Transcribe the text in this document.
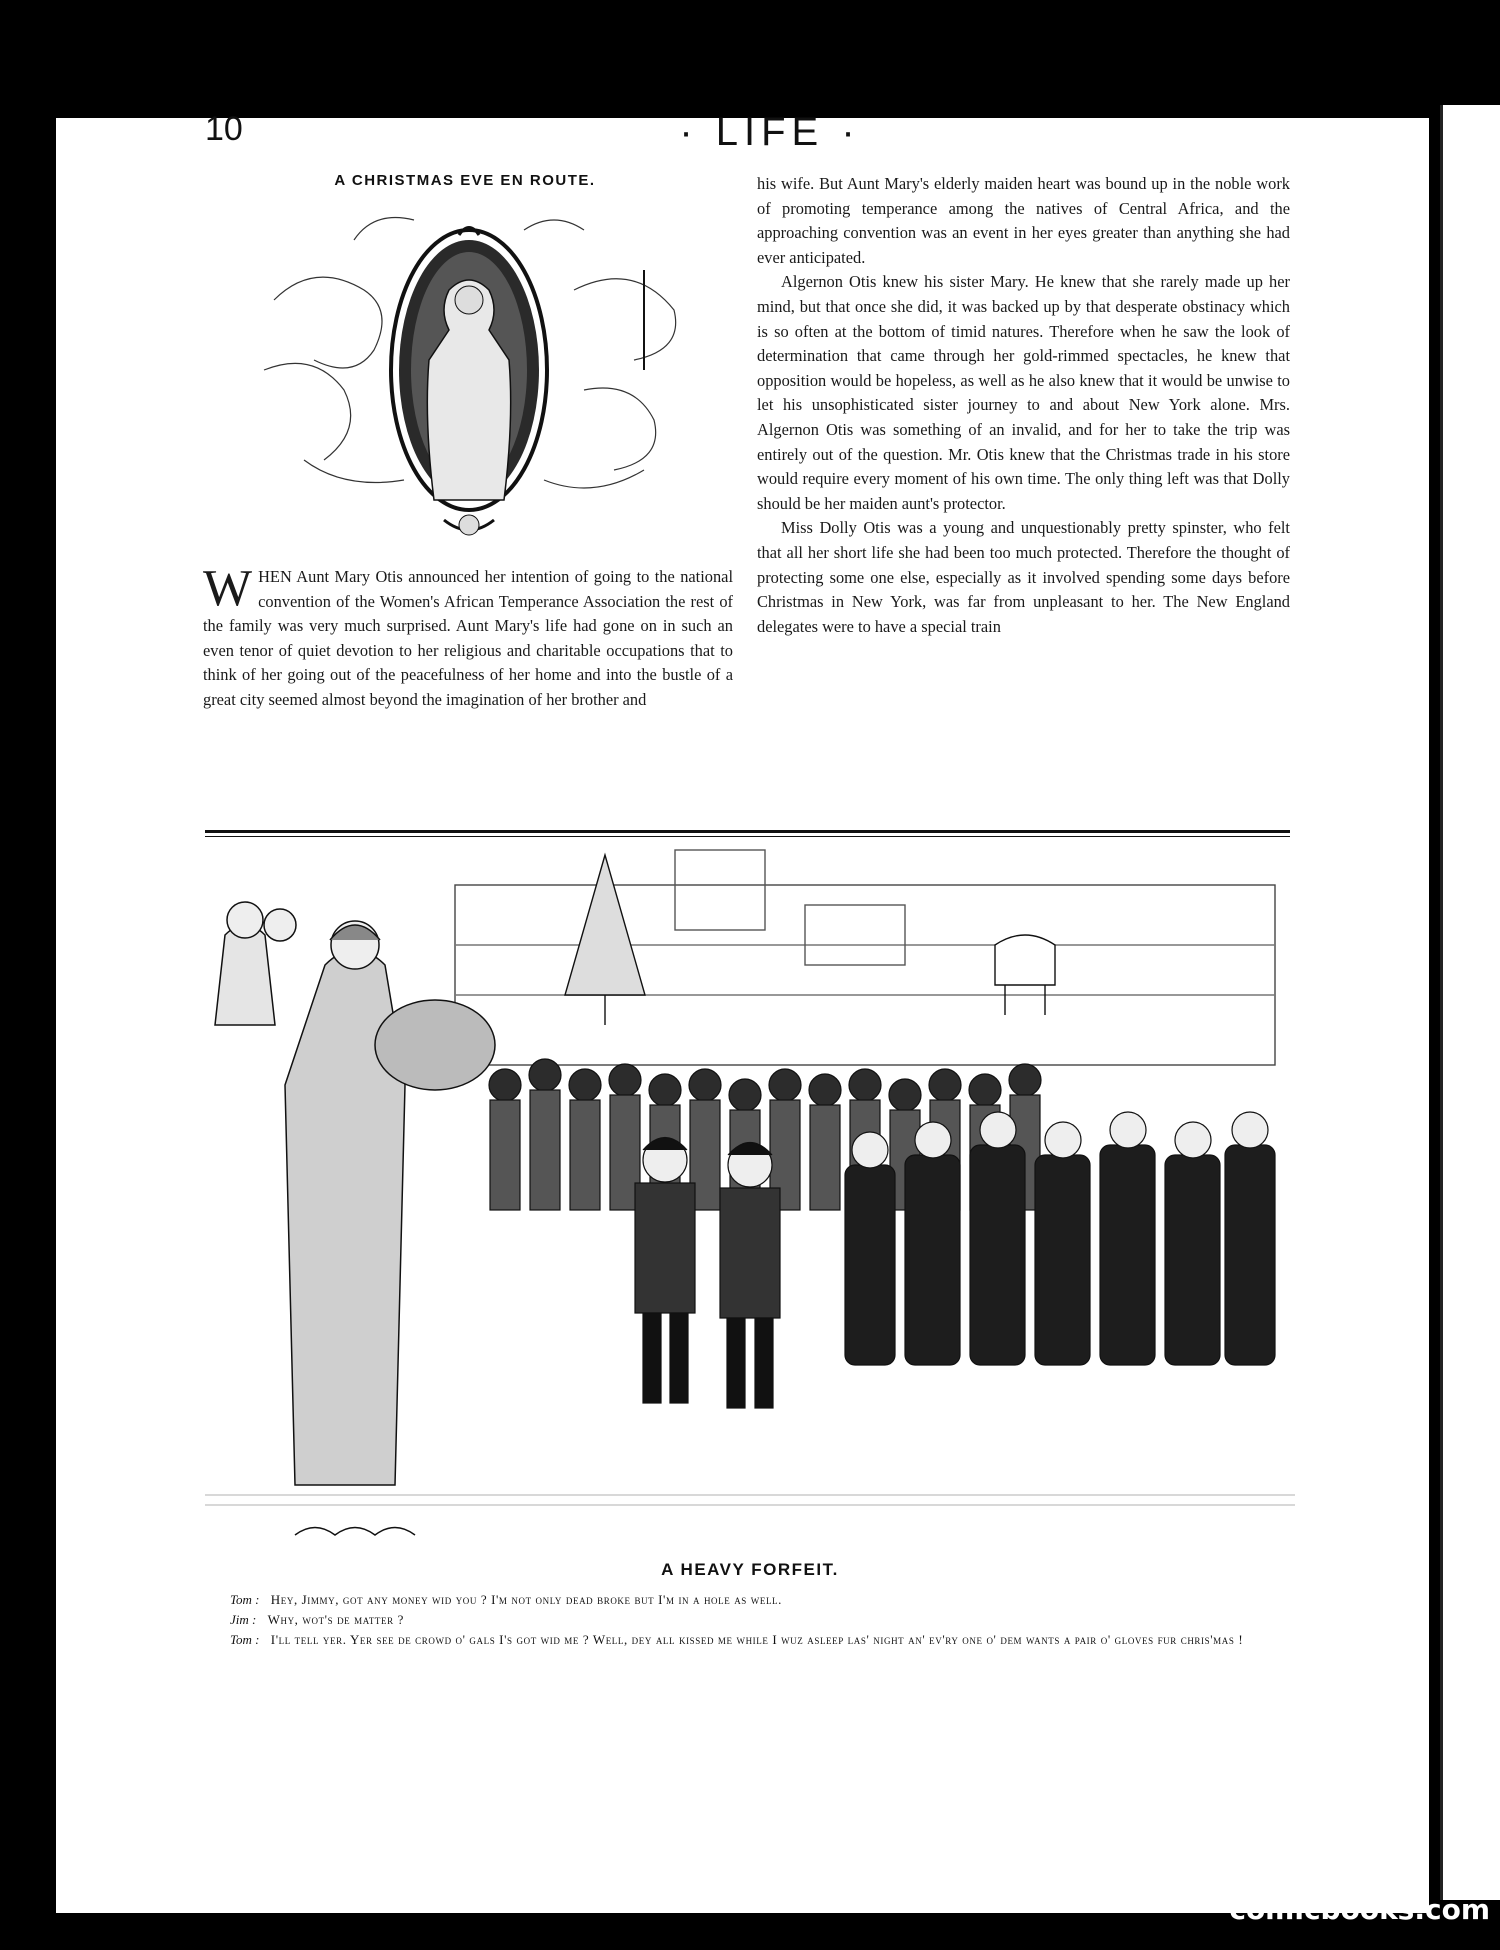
10	· LIFE ·
A CHRISTMAS EVE EN ROUTE.

W HEN Aunt Mary Otis announced her intention of going to the national convention of the Women's African Temperance Association the rest of the family was very much surprised. Aunt Mary's life had gone on in such an even tenor of quiet devotion to her religious and charitable occupations that to think of her going out of the peacefulness of her home and into the bustle of a great city seemed almost beyond the imagination of her brother and

his wife. But Aunt Mary's elderly maiden heart was bound up in the noble work of promoting temperance among the natives of Central Africa, and the approaching convention was an event in her eyes greater than anything she had ever anticipated.

Algernon Otis knew his sister Mary. He knew that she rarely made up her mind, but that once she did, it was backed up by that desperate obstinacy which is so often at the bottom of timid natures. Therefore when he saw the look of determination that came through her gold-rimmed spectacles, he knew that opposition would be hopeless, as well as he also knew that it would be unwise to let his unsophisticated sister journey to and about New York alone. Mrs. Algernon Otis was something of an invalid, and for her to take the trip was entirely out of the question. Mr. Otis knew that the Christmas trade in his store would require every moment of his own time. The only thing left was that Dolly should be her maiden aunt's protector.

Miss Dolly Otis was a young and unquestionably pretty spinster, who felt that all her short life she had been too much protected. Therefore the thought of protecting some one else, especially as it involved spending some days before Christmas in New York, was far from unpleasant to her. The New England delegates were to have a special train

A HEAVY FORFEIT.
Tom : Hey, Jimmy, got any money wid you ? I'm not only dead broke but I'm in a hole as well.
Jim : Why, wot's de matter ?
Tom : I'll tell yer. Yer see de crowd o' gals I's got wid me ? Well, dey all kissed me while I wuz asleep las' night an' ev'ry one o' dem wants a pair o' gloves fur chris'mas !
comicbooks.com
